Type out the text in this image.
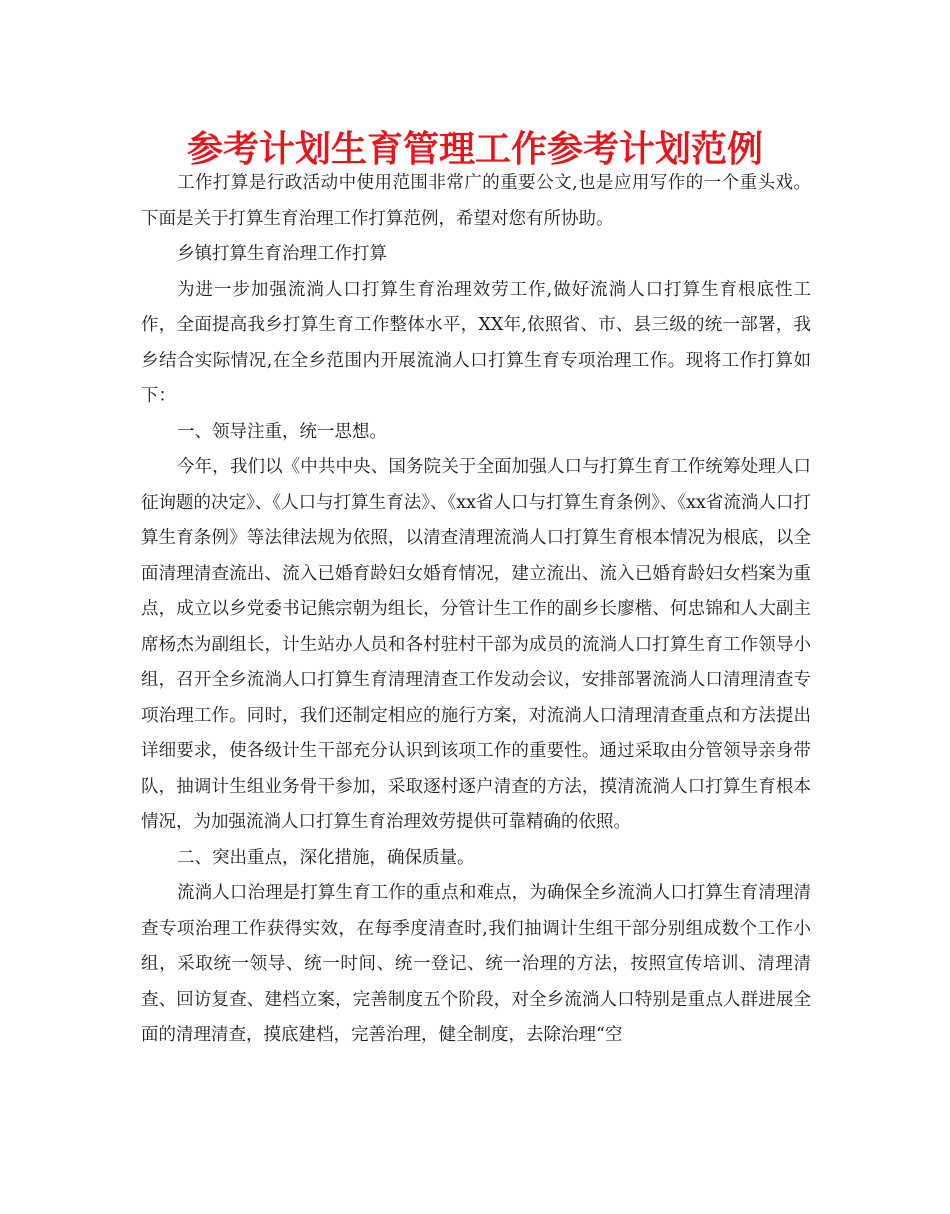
参考计划生育管理工作参考计划范例

工作打算是行政活动中使用范围非常广的重要公文,也是应用写作的一个重头戏。下面是关于打算生育治理工作打算范例，希望对您有所协助。

乡镇打算生育治理工作打算

为进一步加强流淌人口打算生育治理效劳工作,做好流淌人口打算生育根底性工作，全面提高我乡打算生育工作整体水平，XX年,依照省、市、县三级的统一部署，我乡结合实际情况,在全乡范围内开展流淌人口打算生育专项治理工作。现将工作打算如下：

一、领导注重，统一思想。

今年，我们以《中共中央、国务院关于全面加强人口与打算生育工作统筹处理人口征询题的决定》、《人口与打算生育法》、《xx省人口与打算生育条例》、《xx省流淌人口打算生育条例》等法律法规为依照，以清查清理流淌人口打算生育根本情况为根底，以全面清理清查流出、流入已婚育龄妇女婚育情况，建立流出、流入已婚育龄妇女档案为重点，成立以乡党委书记熊宗朝为组长，分管计生工作的副乡长廖楷、何忠锦和人大副主席杨杰为副组长，计生站办人员和各村驻村干部为成员的流淌人口打算生育工作领导小组，召开全乡流淌人口打算生育清理清查工作发动会议，安排部署流淌人口清理清查专项治理工作。同时，我们还制定相应的施行方案，对流淌人口清理清查重点和方法提出详细要求，使各级计生干部充分认识到该项工作的重要性。通过采取由分管领导亲身带队，抽调计生组业务骨干参加，采取逐村逐户清查的方法，摸清流淌人口打算生育根本情况，为加强流淌人口打算生育治理效劳提供可靠精确的依照。

二、突出重点，深化措施，确保质量。

流淌人口治理是打算生育工作的重点和难点，为确保全乡流淌人口打算生育清理清查专项治理工作获得实效，在每季度清查时,我们抽调计生组干部分别组成数个工作小组，采取统一领导、统一时间、统一登记、统一治理的方法，按照宣传培训、清理清查、回访复查、建档立案，完善制度五个阶段，对全乡流淌人口特别是重点人群进展全面的清理清查，摸底建档，完善治理，健全制度，去除治理“空
